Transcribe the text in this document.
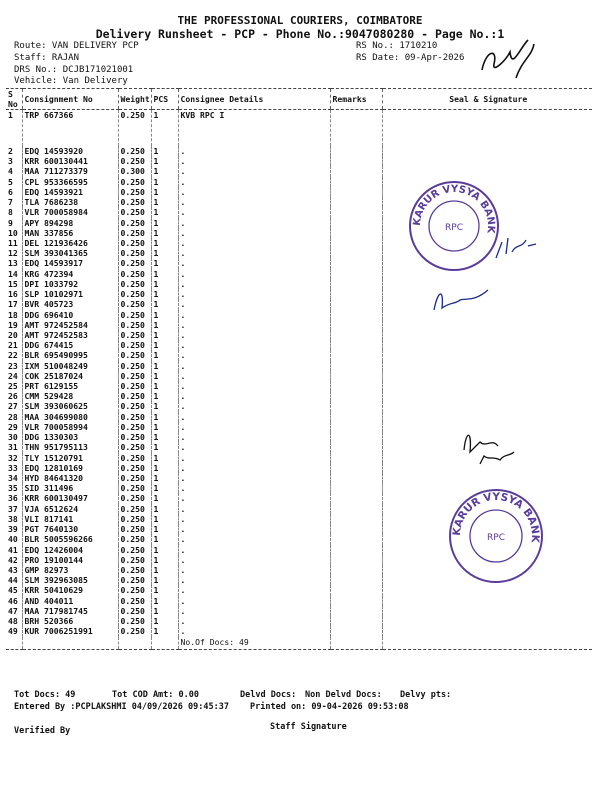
THE PROFESSIONAL COURIERS, COIMBATORE
Delivery Runsheet - PCP - Phone No.:9047080280 - Page No.:1
Route: VAN DELIVERY PCP
Staff: RAJAN
DRS No.: DCJB171021001
Vehicle: Van Delivery
RS No.: 1710210
RS Date: 09-Apr-2026
S No	Consignment No	Weight	PCS	Consignee Details	Remarks	Seal & Signature
1	TRP 667366	0.250	1	KVB RPC I		
2	EDQ 14593920	0.250	1	.		
3	KRR 600130441	0.250	1	.		
4	MAA 711273379	0.300	1	.		
5	CPL 953366595	0.250	1	.		
6	EDQ 14593921	0.250	1	.		
7	TLA 7686238	0.250	1	.		
8	VLR 700058984	0.250	1	.		
9	APY 894298	0.250	1	.		
10	MAN 337856	0.250	1	.		
11	DEL 121936426	0.250	1	.		
12	SLM 393041365	0.250	1	.		
13	EDQ 14593917	0.250	1	.		
14	KRG 472394	0.250	1	.		
15	DPI 1033792	0.250	1	.		
16	SLP 10102971	0.250	1	.		
17	BVR 405723	0.250	1	.		
18	DDG 696410	0.250	1	.		
19	AMT 972452584	0.250	1	.		
20	AMT 972452583	0.250	1	.		
21	DDG 674415	0.250	1	.		
22	BLR 695490995	0.250	1	.		
23	IXM 510048249	0.250	1	.		
24	COK 25187024	0.250	1	.		
25	PRT 6129155	0.250	1	.		
26	CMM 529428	0.250	1	.		
27	SLM 393060625	0.250	1	.		
28	MAA 304699080	0.250	1	.		
29	VLR 700058994	0.250	1	.		
30	DDG 1330303	0.250	1	.		
31	THN 951795113	0.250	1	.		
32	TLY 15120791	0.250	1	.		
33	EDQ 12810169	0.250	1	.		
34	HYD 84641320	0.250	1	.		
35	SID 311496	0.250	1	.		
36	KRR 600130497	0.250	1	.		
37	VJA 6512624	0.250	1	.		
38	VLI 817141	0.250	1	.		
39	PGT 7640130	0.250	1	.		
40	BLR 5005596266	0.250	1	.		
41	EDQ 12426004	0.250	1	.		
42	PRO 19100144	0.250	1	.		
43	GMP 82973	0.250	1	.		
44	SLM 392963085	0.250	1	.		
45	KRR 50410629	0.250	1	.		
46	AND 404011	0.250	1	.		
47	MAA 717981745	0.250	1	.		
48	BRH 520366	0.250	1	.		
49	KUR 7006251991	0.250	1	.		
				No.Of Docs: 49		
KARUR VYSYA BANK
RPC
KARUR VYSYA BANK
RPC
Tot Docs: 49	Tot COD Amt: 0.00	Delvd Docs: Non Delvd Docs: Delvy pts:
Entered By :PCPLAKSHMI 04/09/2026 09:45:37 Printed on: 09-04-2026 09:53:08
Verified By	Staff Signature
